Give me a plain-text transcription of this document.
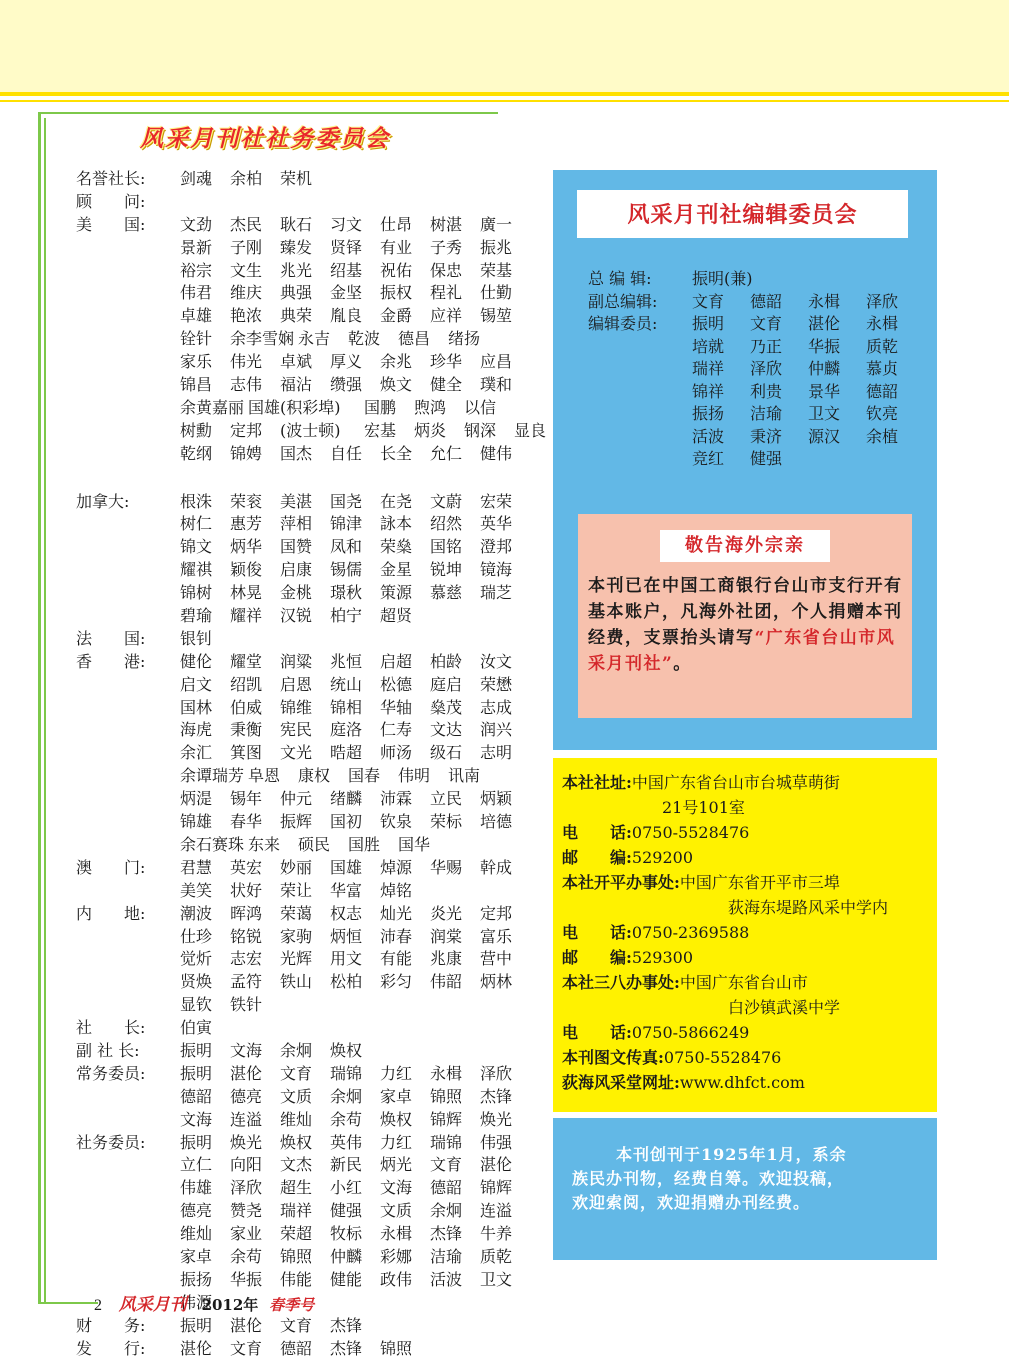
风采月刊社社务委员会
名誉社长:	剑魂 余柏 荣机
顾　　问:
美　　国:	文劲 杰民 耿石 习文 仕昂 树湛 廣一
景新 子刚 臻发 贤铎 有业 子秀 振兆
裕宗 文生 兆光 绍基 祝佑 保忠 荣基
伟君 维庆 典强 金坚 振权 程礼 仕勤
卓雄 艳浓 典荣 胤良 金爵 应祥 锡堃
铨针 余李雪娴 永吉 乾波 德昌 绪扬
家乐 伟光 卓斌 厚义 余兆 珍华 应昌
锦昌 志伟 福沾 缵强 焕文 健全 璞和
余黄嘉丽 国雄(积彩埠) 国鹏 煦鸿 以信
树勳 定邦 (波士顿) 宏基 炳炎 钢深 显良
乾纲 锦娉 国杰 自任 长全 允仁 健伟
加拿大:	根洙 荣衮 美湛 国尧 在尧 文蔚 宏荣
树仁 惠芳 萍相 锦津 詠本 绍然 英华
锦文 炳华 国赞 凤和 荣燊 国铭 澄邦
耀祺 颖俊 启康 锡儒 金星 锐坤 镜海
锦树 林晃 金桃 璟秋 策源 慕慈 瑞芝
碧瑜 耀祥 汉锐 柏宁 超贤
法　　国:	银钊
香　　港:	健伦 耀堂 润粱 兆恒 启超 柏龄 汝文
启文 绍凯 启恩 统山 松德 庭启 荣懋
国林 伯威 锦维 锦相 华轴 燊茂 志成
海虎 秉衡 宪民 庭洛 仁寿 文达 润兴
余汇 箕图 文光 晧超 师汤 级石 志明
余谭瑞芳 阜恩 康权 国春 伟明 讯南
炳湜 锡年 仲元 绪麟 沛霖 立民 炳颖
锦雄 春华 振辉 国初 钦泉 荣标 培德
余石赛珠 东来 硕民 国胜 国华
澳　　门:	君慧 英宏 妙丽 国雄 焯源 华赐 幹成
美笑 状好 荣让 华富 焯铭
内　　地:	潮波 晖鸿 荣蔼 权志 灿光 炎光 定邦
仕珍 铭锐 家驹 炳恒 沛春 润棠 富乐
觉炘 志宏 光辉 用文 有能 兆康 营中
贤焕 孟符 铁山 松柏 彩匀 伟韶 炳林
显钦 铁针
社　　长:	伯寅
副 社 长:	振明 文海 余炯 焕权
常务委员:	振明 湛伦 文育 瑞锦 力红 永楫 泽欣
德韶 德亮 文质 余炯 家卓 锦照 杰锋
文海 连溢 维灿 余苟 焕权 锦辉 焕光
社务委员:	振明 焕光 焕权 英伟 力红 瑞锦 伟强
立仁 向阳 文杰 新民 炳光 文育 湛伦
伟雄 泽欣 超生 小红 文海 德韶 锦辉
德亮 赞尧 瑞祥 健强 文质 余炯 连溢
维灿 家业 荣超 牧标 永楫 杰锋 牛养
家卓 余苟 锦照 仲麟 彩娜 洁瑜 质乾
振扬 华振 伟能 健能 政伟 活波 卫文
伟源
财　　务:	振明 湛伦 文育 杰锋
发　　行:	湛伦 文育 德韶 杰锋 锦照
风采月刊社编辑委员会
总 编 辑:	振明(兼)
副总编辑:	文育 德韶 永楫 泽欣
编辑委员:	振明 文育 湛伦 永楫
培就 乃正 华振 质乾
瑞祥 泽欣 仲麟 慕贞
锦祥 利贵 景华 德韶
振扬 洁瑜 卫文 钦亮
活波 秉济 源汉 余植
竞红 健强
敬告海外宗亲
本刊已在中国工商银行台山市支行开有基本账户，凡海外社团，个人捐赠本刊经费，支票抬头请写“广东省台山市风采月刊社”。
本社社址:中国广东省台山市台城草萌街
21号101室
电　　话:0750-5528476
邮　　编:529200
本社开平办事处:中国广东省开平市三埠
荻海东堤路风采中学内
电　　话:0750-2369588
邮　　编:529300
本社三八办事处:中国广东省台山市
白沙镇武溪中学
电　　话:0750-5866249
本刊图文传真:0750-5528476
荻海风采堂网址:www.dhfct.com
本刊创刊于1925年1月，系余
族民办刊物，经费自筹。欢迎投稿，
欢迎索阅，欢迎捐赠办刊经费。
2 风采月刊 2012年 春季号
